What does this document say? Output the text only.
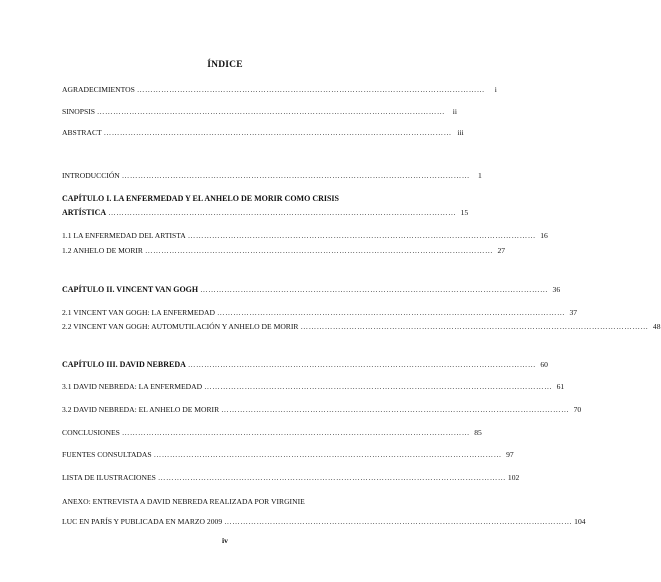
ÍNDICE
AGRADECIMIENTOS …………………………………………………………………………………………………………………	i
SINOPSIS …………………………………………………………………………………………………………………	ii
ABSTRACT ………………………………………………………………………………………………………………… iii
INTRODUCCIÓN …………………………………………………………………………………………………………………	1
CAPÍTULO I. LA ENFERMEDAD Y EL ANHELO DE MORIR COMO CRISIS
ARTÍSTICA ………………………………………………………………………………………………………………… 15
1.1 LA ENFERMEDAD DEL ARTISTA ………………………………………………………………………………………………………………… 16
1.2 ANHELO DE MORIR ………………………………………………………………………………………………………………… 27
CAPÍTULO II. VINCENT VAN GOGH ………………………………………………………………………………………………………………… 36
2.1 VINCENT VAN GOGH: LA ENFERMEDAD ………………………………………………………………………………………………………………… 37
2.2 VINCENT VAN GOGH: AUTOMUTILACIÓN Y ANHELO DE MORIR ………………………………………………………………………………………………………………… 48
CAPÍTULO III. DAVID NEBREDA ………………………………………………………………………………………………………………… 60
3.1 DAVID NEBREDA: LA ENFERMEDAD ………………………………………………………………………………………………………………… 61
3.2 DAVID NEBREDA: EL ANHELO DE MORIR ………………………………………………………………………………………………………………… 70
CONCLUSIONES ………………………………………………………………………………………………………………… 85
FUENTES CONSULTADAS ………………………………………………………………………………………………………………… 97
LISTA DE ILUSTRACIONES ………………………………………………………………………………………………………………… 102
ANEXO: ENTREVISTA A DAVID NEBREDA REALIZADA POR VIRGINIE
LUC EN PARÍS Y PUBLICADA EN MARZO 2009 ………………………………………………………………………………………………………………… 104
iv
